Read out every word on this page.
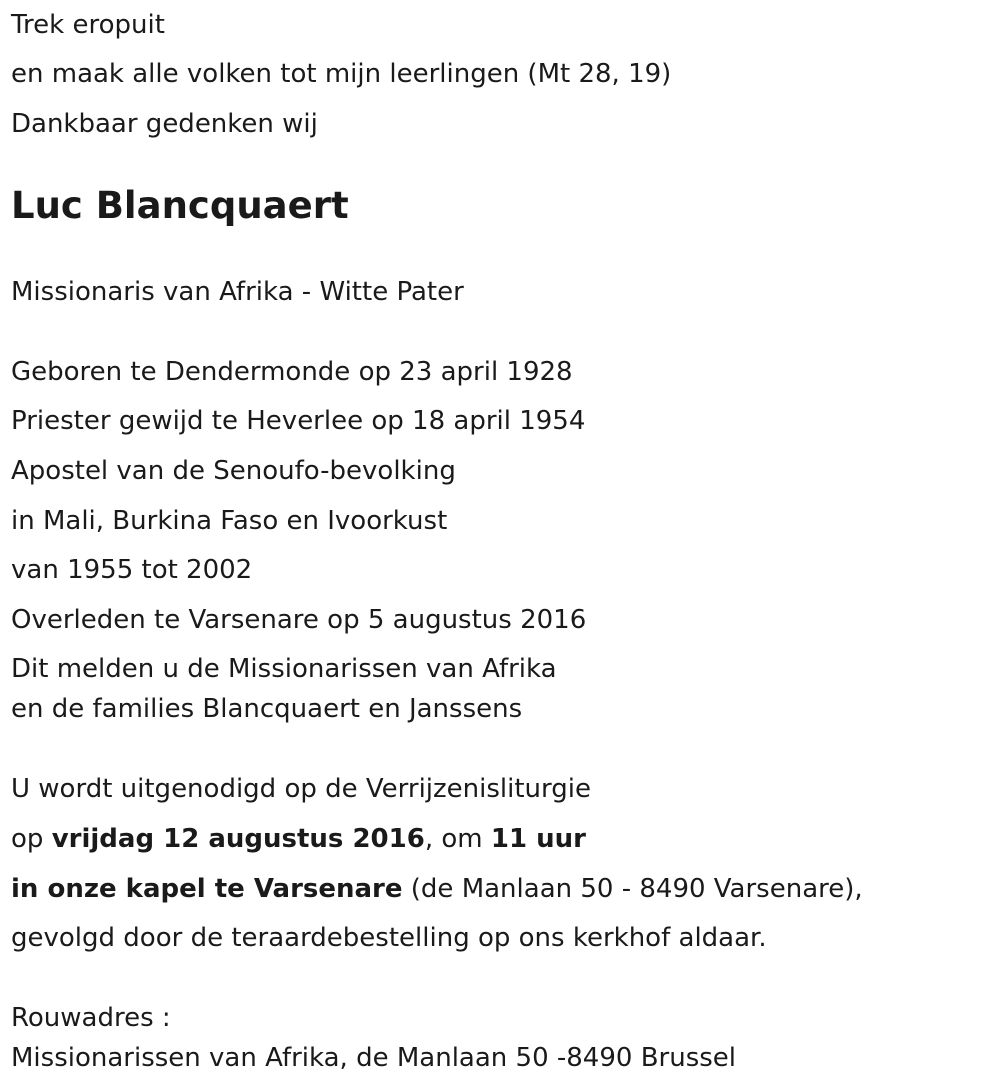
Trek eropuit

en maak alle volken tot mijn leerlingen (Mt 28, 19)

Dankbaar gedenken wij

Luc Blancquaert

Missionaris van Afrika - Witte Pater

Geboren te Dendermonde op 23 april 1928

Priester gewijd te Heverlee op 18 april 1954

Apostel van de Senoufo-bevolking

in Mali, Burkina Faso en Ivoorkust

van 1955 tot 2002

Overleden te Varsenare op 5 augustus 2016

Dit melden u de Missionarissen van Afrika

en de families Blancquaert en Janssens

U wordt uitgenodigd op de Verrijzenisliturgie

op vrijdag 12 augustus 2016, om 11 uur

in onze kapel te Varsenare (de Manlaan 50 - 8490 Varsenare),

gevolgd door de teraardebestelling op ons kerkhof aldaar.

Rouwadres :

Missionarissen van Afrika, de Manlaan 50 -8490 Brussel
